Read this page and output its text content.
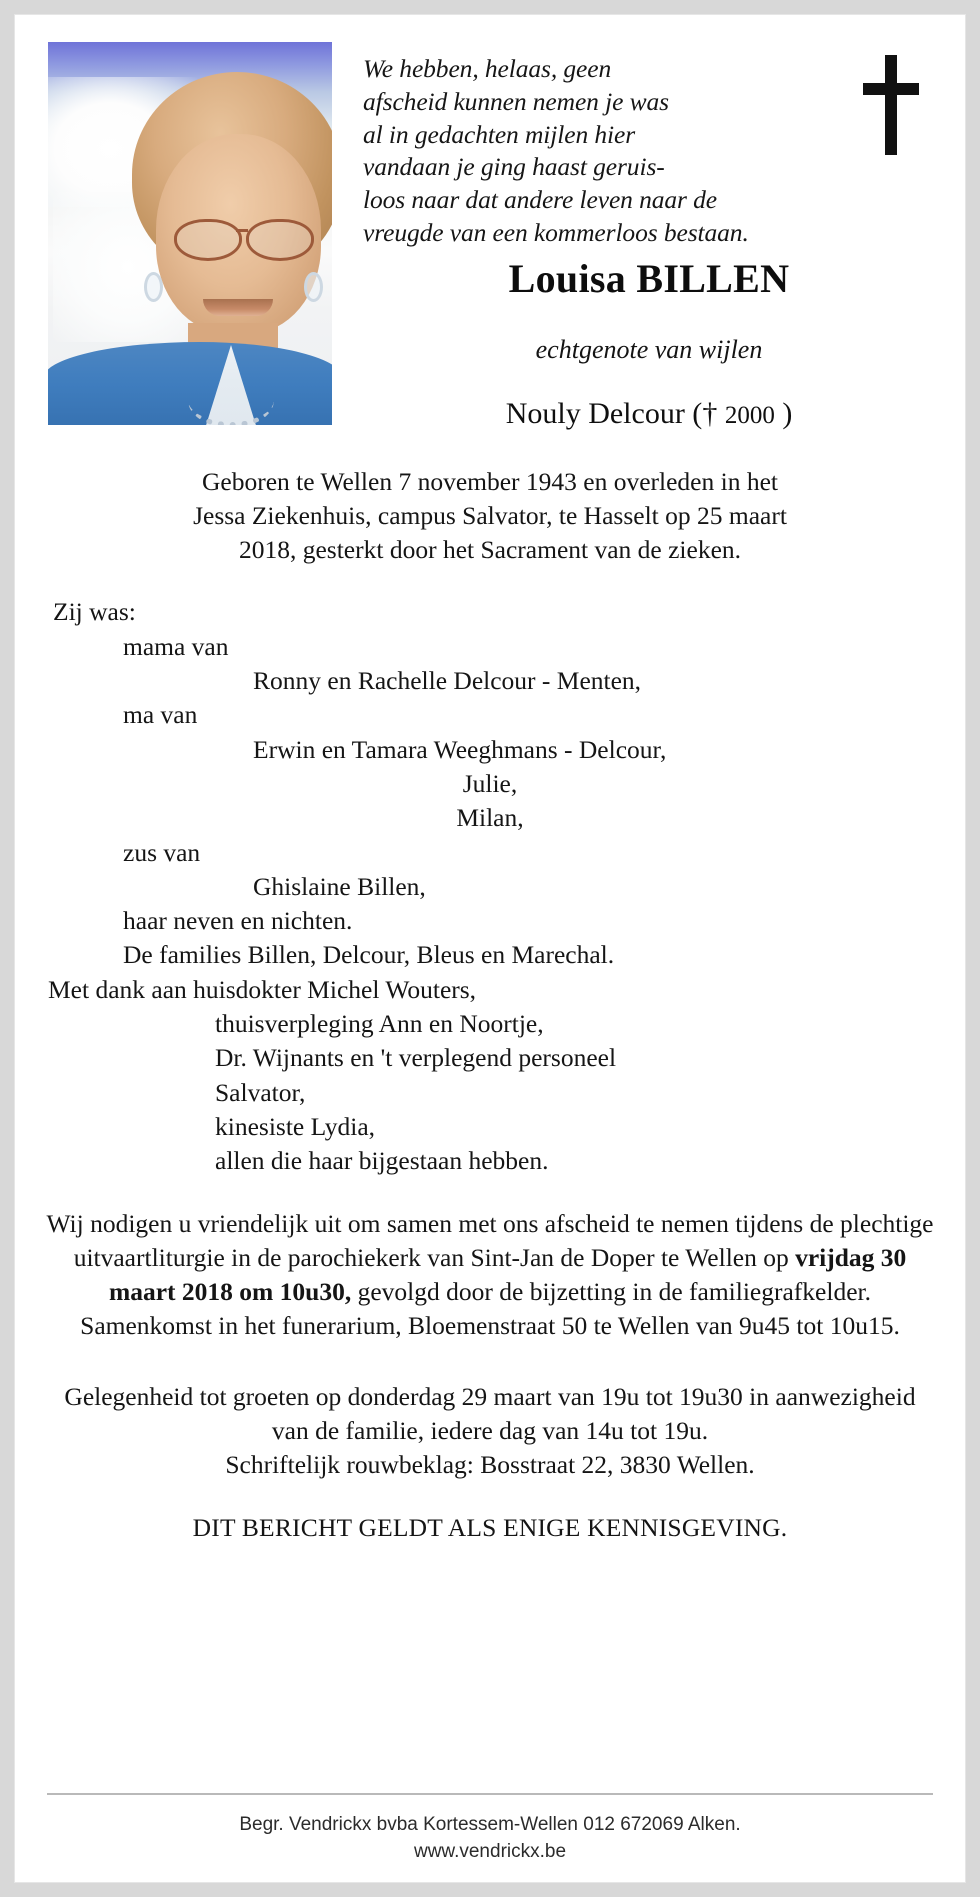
We hebben, helaas, geen
afscheid kunnen nemen je was
al in gedachten mijlen hier
vandaan je ging haast geruis-
loos naar dat andere leven naar de
vreugde van een kommerloos bestaan.
Louisa BILLEN
echtgenote van wijlen
Nouly Delcour († 2000 )
Geboren te Wellen 7 november 1943 en overleden in het
Jessa Ziekenhuis, campus Salvator, te Hasselt op 25 maart
2018, gesterkt door het Sacrament van de zieken.
Zij was:
mama van
Ronny en Rachelle Delcour - Menten,
ma van
Erwin en Tamara Weeghmans - Delcour,
Julie,
Milan,
zus van
Ghislaine Billen,
haar neven en nichten.
De families Billen, Delcour, Bleus en Marechal.
Met dank aan huisdokter Michel Wouters,
thuisverpleging Ann en Noortje,
Dr. Wijnants en 't verplegend personeel
Salvator,
kinesiste Lydia,
allen die haar bijgestaan hebben.
Wij nodigen u vriendelijk uit om samen met ons afscheid te nemen tijdens de plechtige uitvaartliturgie in de parochiekerk van Sint-Jan de Doper te Wellen op vrijdag 30 maart 2018 om 10u30, gevolgd door de bijzetting in de familiegrafkelder.
Samenkomst in het funerarium, Bloemenstraat 50 te Wellen van 9u45 tot 10u15.
Gelegenheid tot groeten op donderdag 29 maart van 19u tot 19u30 in aanwezigheid van de familie, iedere dag van 14u tot 19u.
Schriftelijk rouwbeklag: Bosstraat 22, 3830 Wellen.
DIT BERICHT GELDT ALS ENIGE KENNISGEVING.
Begr. Vendrickx bvba Kortessem-Wellen 012 672069 Alken.
www.vendrickx.be
